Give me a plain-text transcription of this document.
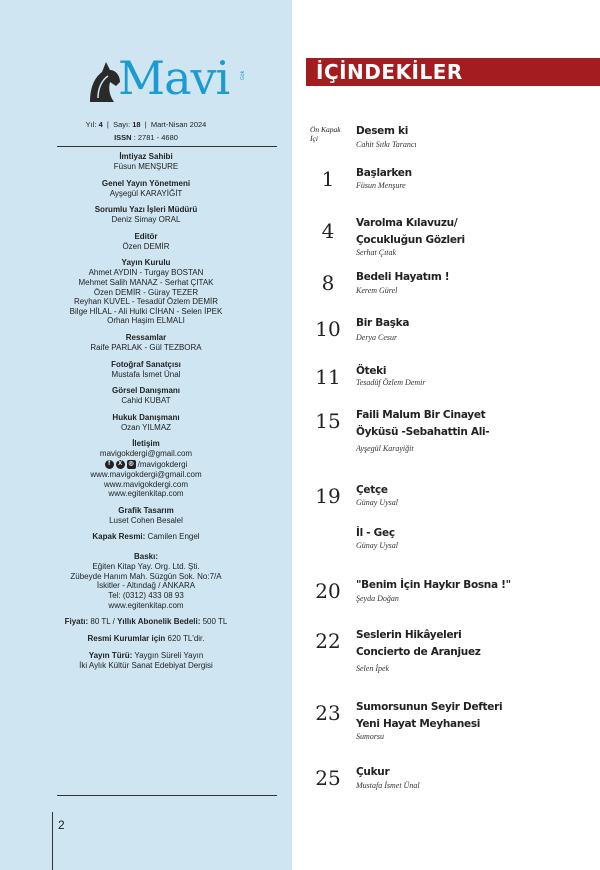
Mavi Gök
Yıl: 4  |  Sayı: 18  |  Mart-Nisan 2024
ISSN : 2781 - 4680
İmtiyaz Sahibi
Füsun MENŞURE
Genel Yayın Yönetmeni
Ayşegül KARAYİĞİT
Sorumlu Yazı İşleri Müdürü
Deniz Simay ORAL
Editör
Özen DEMİR
Yayın Kurulu
Ahmet AYDIN - Turgay BOSTAN
Mehmet Salih MANAZ - Serhat ÇITAK
Özen DEMİR - Güray TEZER
Reyhan KUVEL - Tesadüf Özlem DEMİR
Bilge HİLAL - Ali Hulki CİHAN - Selen İPEK
Orhan Haşim ELMALI
Ressamlar
Raife PARLAK - Gül TEZBORA
Fotoğraf Sanatçısı
Mustafa İsmet Ünal
Görsel Danışmanı
Cahid KUBAT
Hukuk Danışmanı
Ozan YILMAZ
İletişim
mavigokdergi@gmail.com
f	X	◎ /mavigokdergi
www.mavigokdergi@gmail.com
www.mavigokdergi.com
www.egitenkitap.com
Grafik Tasarım
Luset Cohen Besalel
Kapak Resmi: Camilen Engel
Baskı:
Eğiten Kitap Yay. Org. Ltd. Şti.
Zübeyde Hanım Mah. Süzgün Sok. No:7/A
İskitler - Altındağ / ANKARA
Tel: (0312) 433 08 93
www.egitenkitap.com
Fiyatı: 80 TL / Yıllık Abonelik Bedeli: 500 TL
Resmi Kurumlar için 620 TL'dir.
Yayın Türü: Yaygın Süreli Yayın
İki Aylık Kültür Sanat Edebiyat Dergisi
2
İÇİNDEKİLER
Ön Kapak İçi
Desem ki
Cahit Sıtkı Tarancı
1	Başlarken
Füsun Menşure
4	Varolma Kılavuzu/ Çocukluğun Gözleri
Serhat Çıtak
8	Bedeli Hayatım !
Kerem Gürel
10	Bir Başka
Derya Cesur
11	Öteki
Tesadüf Özlem Demir
15	Faili Malum Bir Cinayet Öyküsü -Sebahattin Ali-
Ayşegül Karayiğit
19	Çetçe
Günay Uysal
İl - Geç
Günay Uysal
20	"Benim İçin Haykır Bosna !"
Şeyda Doğan
22	Seslerin Hikâyeleri Concierto de Aranjuez
Selen İpek
23	Sumorsunun Seyir Defteri Yeni Hayat Meyhanesi
Sumorsu
25	Çukur
Mustafa İsmet Ünal
